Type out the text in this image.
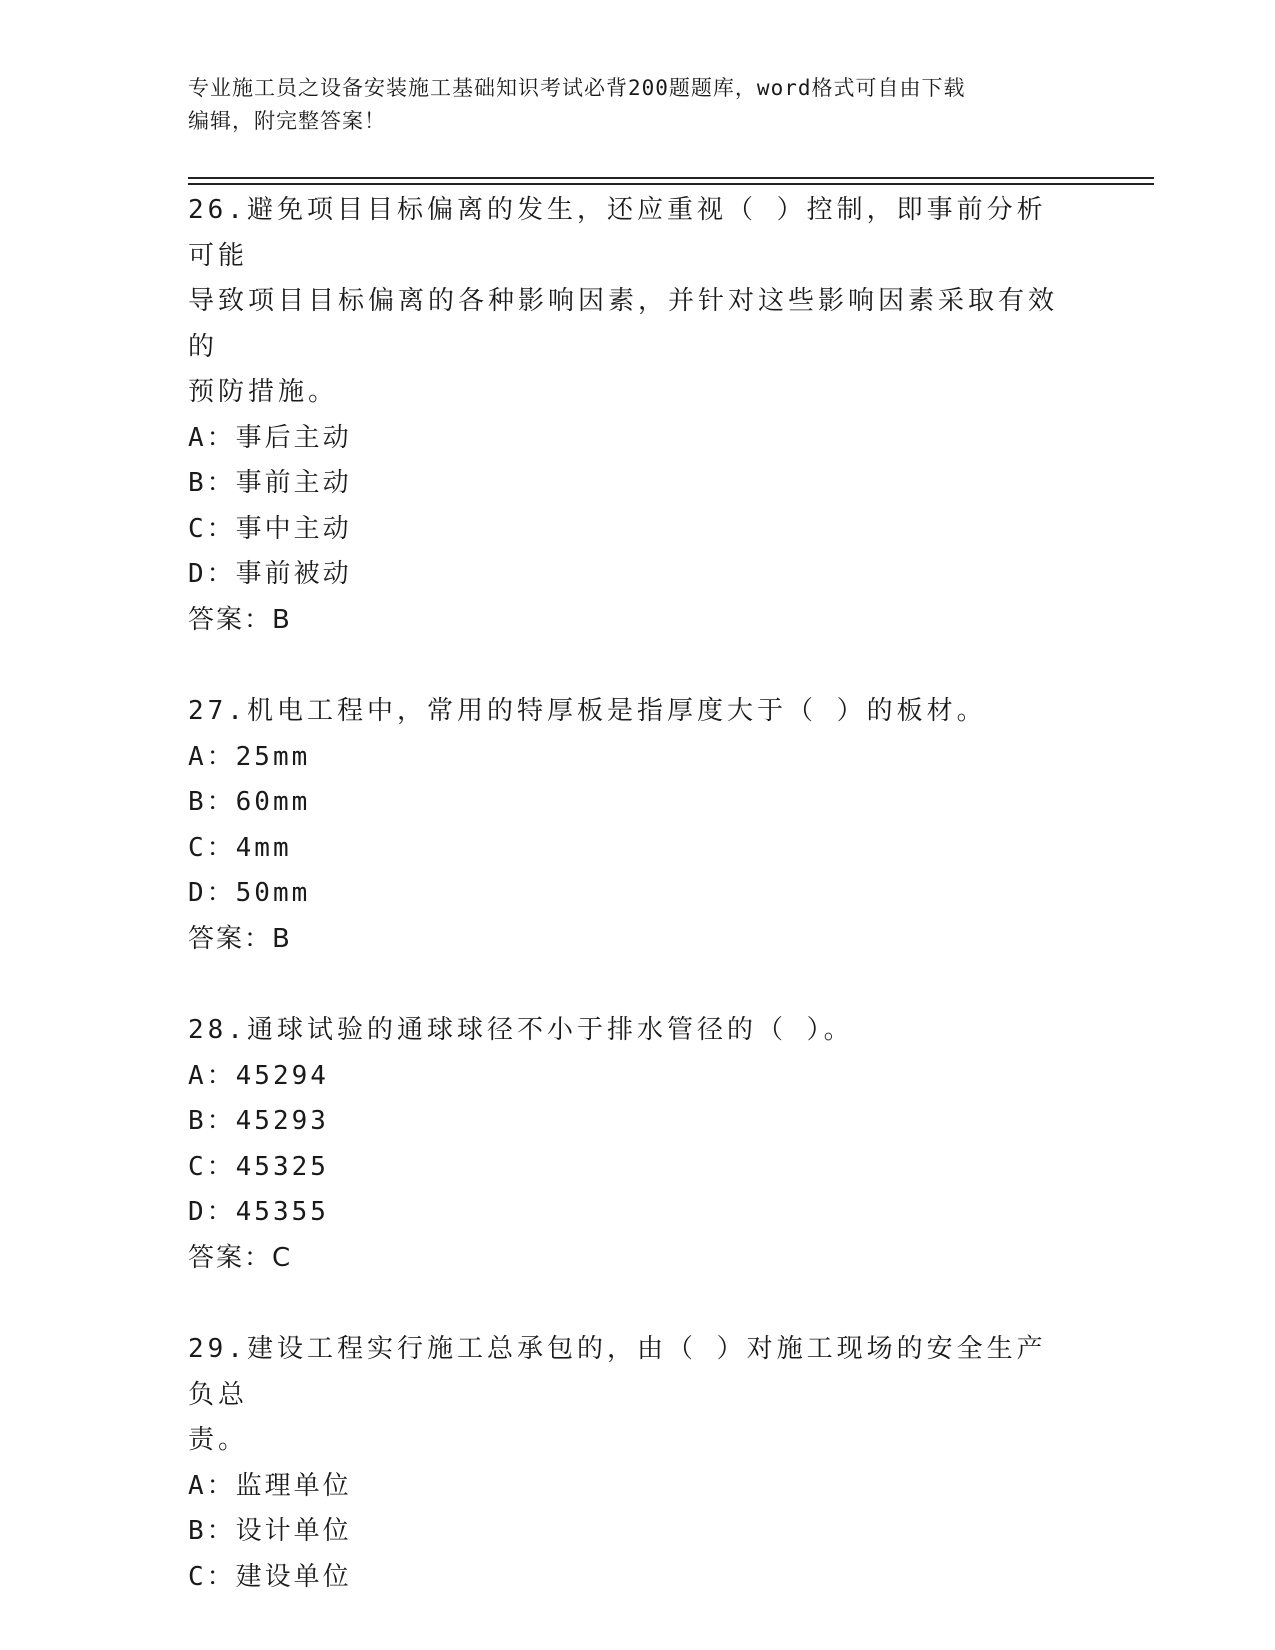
专业施工员之设备安装施工基础知识考试必背200题题库，word格式可自由下载
编辑，附完整答案！

26.避免项目目标偏离的发生，还应重视（ ）控制，即事前分析可能
导致项目目标偏离的各种影响因素，并针对这些影响因素采取有效的
预防措施。

A：事后主动

B：事前主动

C：事中主动

D：事前被动

答案：B

27.机电工程中，常用的特厚板是指厚度大于（ ）的板材。

A：25mm

B：60mm

C：4mm

D：50mm

答案：B

28.通球试验的通球球径不小于排水管径的（ ）。

A：45294

B：45293

C：45325

D：45355

答案：C

29.建设工程实行施工总承包的，由（ ）对施工现场的安全生产负总
责。

A：监理单位

B：设计单位

C：建设单位
